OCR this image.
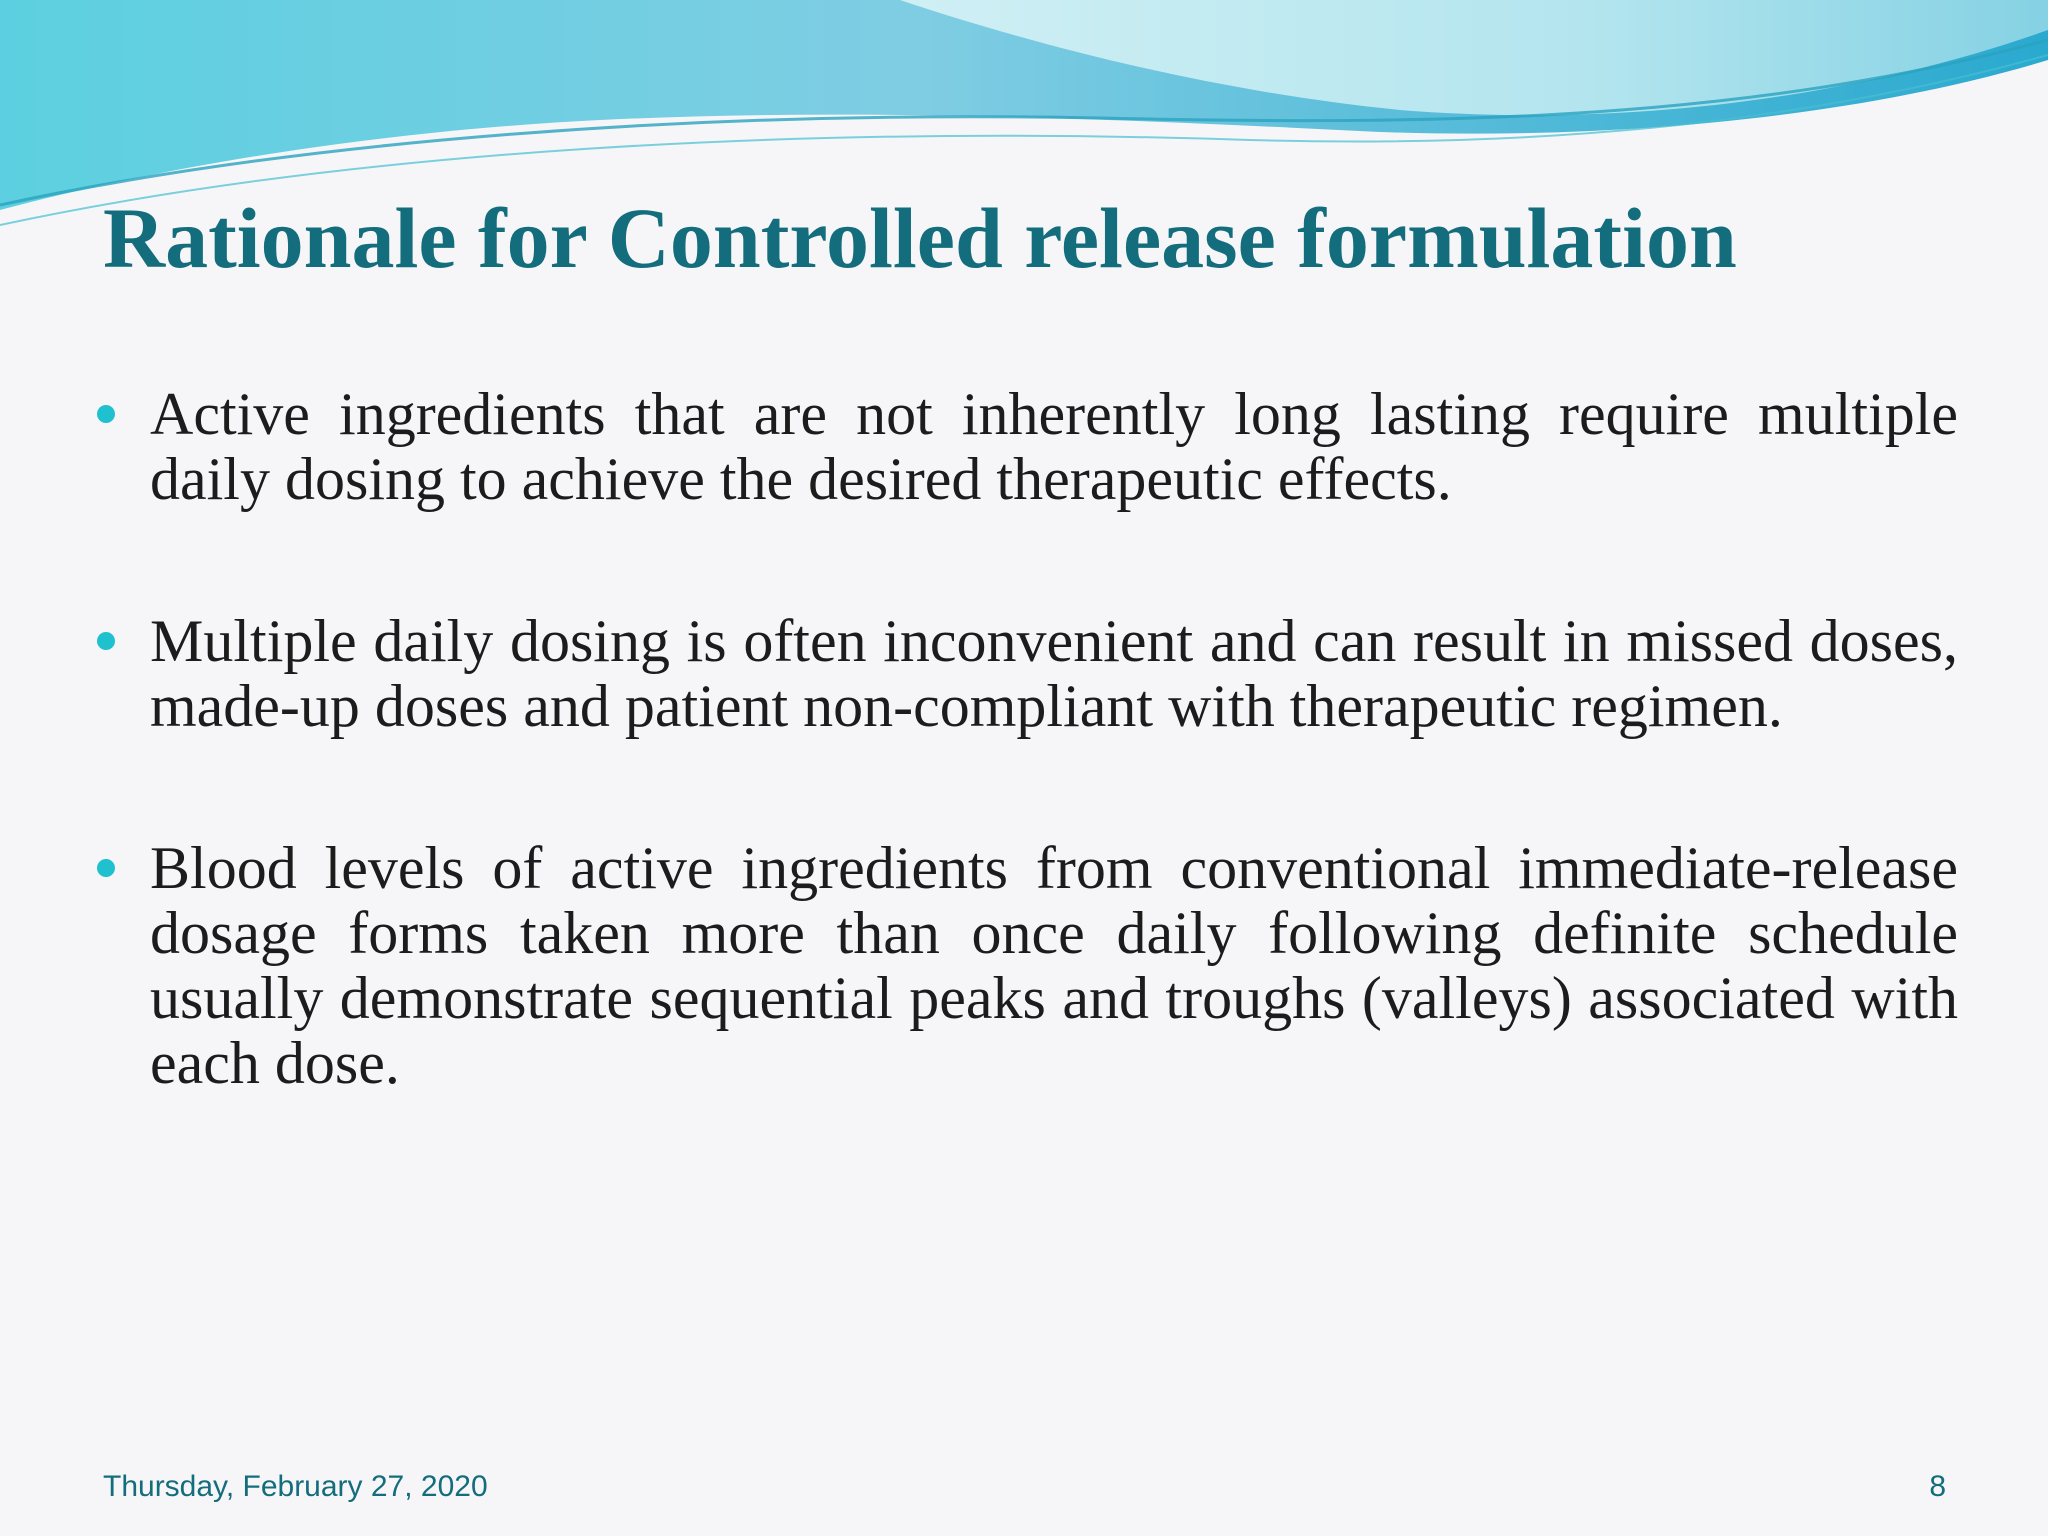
Rationale for Controlled release formulation
Active ingredients that are not inherently long lasting require multiple daily dosing to achieve the desired therapeutic effects.
Multiple daily dosing is often inconvenient and can result in missed doses, made-up doses and patient non-compliant with therapeutic regimen.
Blood levels of active ingredients from conventional immediate-release dosage forms taken more than once daily following definite schedule usually demonstrate sequential peaks and troughs (valleys) associated with each dose.
Thursday, February 27, 2020	8
